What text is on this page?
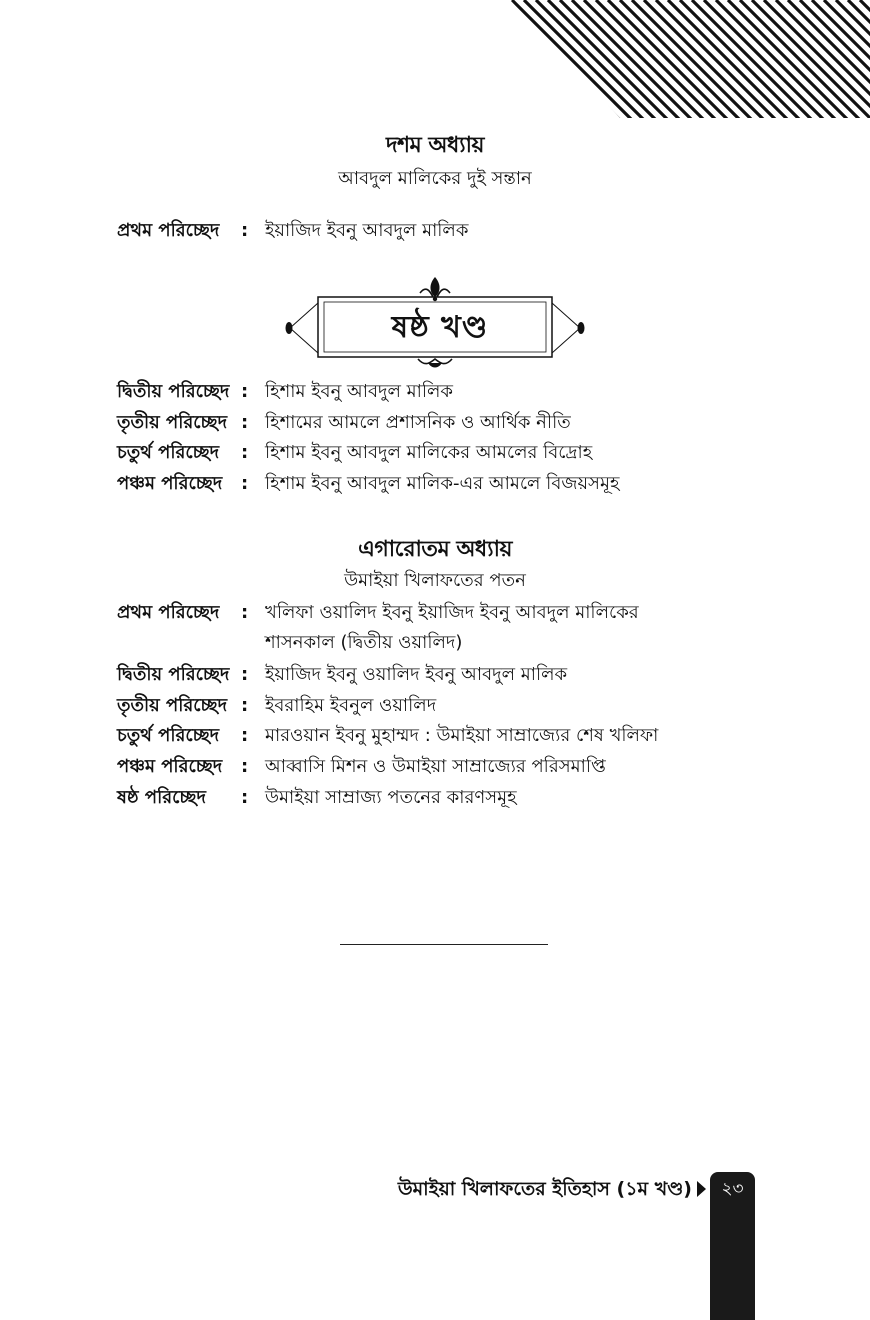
দশম অধ্যায়
আবদুল মালিকের দুই সন্তান
প্রথম পরিচ্ছেদ : ইয়াজিদ ইবনু আবদুল মালিক
ষষ্ঠ খণ্ড
দ্বিতীয় পরিচ্ছেদ : হিশাম ইবনু আবদুল মালিক
তৃতীয় পরিচ্ছেদ : হিশামের আমলে প্রশাসনিক ও আর্থিক নীতি
চতুর্থ পরিচ্ছেদ : হিশাম ইবনু আবদুল মালিকের আমলের বিদ্রোহ
পঞ্চম পরিচ্ছেদ : হিশাম ইবনু আবদুল মালিক-এর আমলে বিজয়সমূহ
এগারোতম অধ্যায়
উমাইয়া খিলাফতের পতন
প্রথম পরিচ্ছেদ : খলিফা ওয়ালিদ ইবনু ইয়াজিদ ইবনু আবদুল মালিকের
শাসনকাল (দ্বিতীয় ওয়ালিদ)
দ্বিতীয় পরিচ্ছেদ : ইয়াজিদ ইবনু ওয়ালিদ ইবনু আবদুল মালিক
তৃতীয় পরিচ্ছেদ : ইবরাহিম ইবনুল ওয়ালিদ
চতুর্থ পরিচ্ছেদ : মারওয়ান ইবনু মুহাম্মদ : উমাইয়া সাম্রাজ্যের শেষ খলিফা
পঞ্চম পরিচ্ছেদ : আব্বাসি মিশন ও উমাইয়া সাম্রাজ্যের পরিসমাপ্তি
ষষ্ঠ পরিচ্ছেদ : উমাইয়া সাম্রাজ্য পতনের কারণসমূহ
উমাইয়া খিলাফতের ইতিহাস (১ম খণ্ড)	২৩
